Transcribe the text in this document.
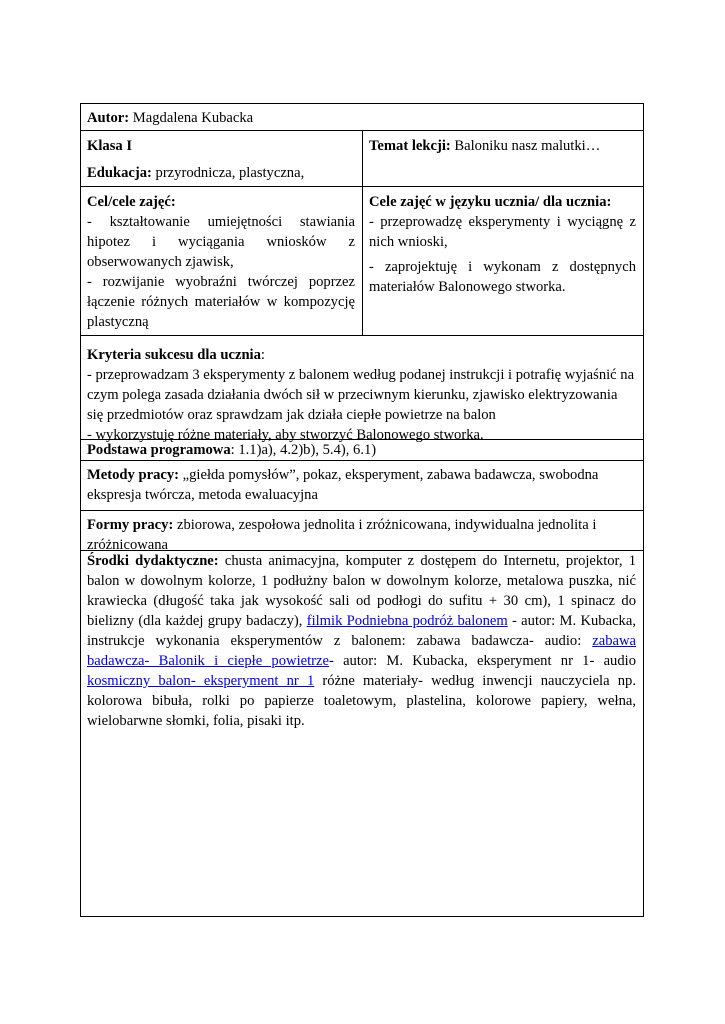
Autor: Magdalena Kubacka

Klasa I

Edukacja: przyrodnicza, plastyczna,

Temat lekcji: Baloniku nasz malutki…

Cel/cele zajęć:

- kształtowanie umiejętności stawiania hipotez i wyciągania wniosków z obserwowanych zjawisk,

- rozwijanie wyobraźni twórczej poprzez łączenie różnych materiałów w kompozycję plastyczną

Cele zajęć w języku ucznia/ dla ucznia:

- przeprowadzę eksperymenty i wyciągnę z nich wnioski,

- zaprojektuję i wykonam z dostępnych materiałów Balonowego stworka.

Kryteria sukcesu dla ucznia:

- przeprowadzam 3 eksperymenty z balonem według podanej instrukcji i potrafię wyjaśnić na czym polega zasada działania dwóch sił w przeciwnym kierunku, zjawisko elektryzowania się przedmiotów oraz sprawdzam jak działa ciepłe powietrze na balon

- wykorzystuję różne materiały, aby stworzyć Balonowego stworka.

Podstawa programowa: 1.1)a), 4.2)b), 5.4), 6.1)
Metody pracy: „giełda pomysłów”, pokaz, eksperyment, zabawa badawcza, swobodna ekspresja twórcza, metoda ewaluacyjna
Formy pracy: zbiorowa, zespołowa jednolita i zróżnicowana, indywidualna jednolita i zróżnicowana
Środki dydaktyczne: chusta animacyjna, komputer z dostępem do Internetu, projektor, 1 balon w dowolnym kolorze, 1 podłużny balon w dowolnym kolorze, metalowa puszka, nić krawiecka (długość taka jak wysokość sali od podłogi do sufitu + 30 cm), 1 spinacz do bielizny (dla każdej grupy badaczy), filmik Podniebna podróż balonem - autor: M. Kubacka, instrukcje wykonania eksperymentów z balonem: zabawa badawcza- audio: zabawa badawcza- Balonik i ciepłe powietrze- autor: M. Kubacka, eksperyment nr 1- audio kosmiczny balon- eksperyment nr 1 różne materiały- według inwencji nauczyciela np. kolorowa bibuła, rolki po papierze toaletowym, plastelina, kolorowe papiery, wełna, wielobarwne słomki, folia, pisaki itp.
